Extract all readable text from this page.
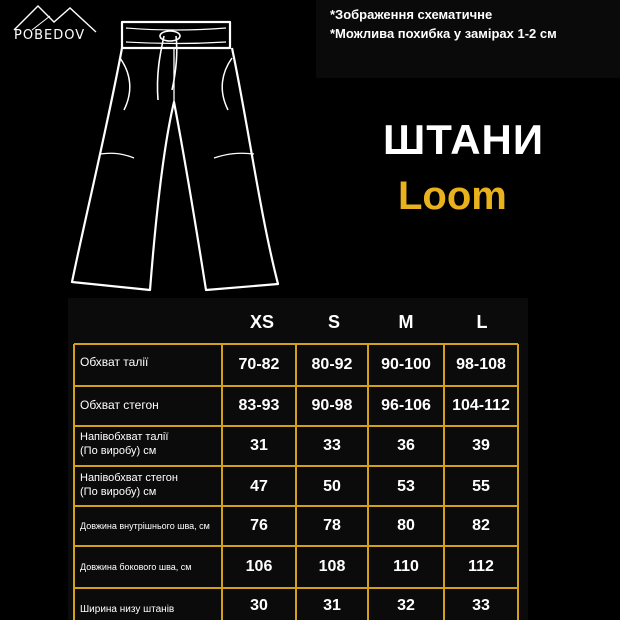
POBEDOV
*Зображення схематичне
*Можлива похибка у замірах 1-2 см
ШТАНИ
Loom
XS	S	M	L
Обхват талії	70-82	80-92	90-100	98-108
Обхват стегон	83-93	90-98	96-106	104-112
Напівобхват талії
(По виробу) см	31	33	36	39
Напівобхват стегон
(По виробу) см	47	50	53	55
Довжина внутрішнього шва, см	76	78	80	82
Довжина бокового шва, см	106	108	110	112
Ширина низу штанів	30	31	32	33
